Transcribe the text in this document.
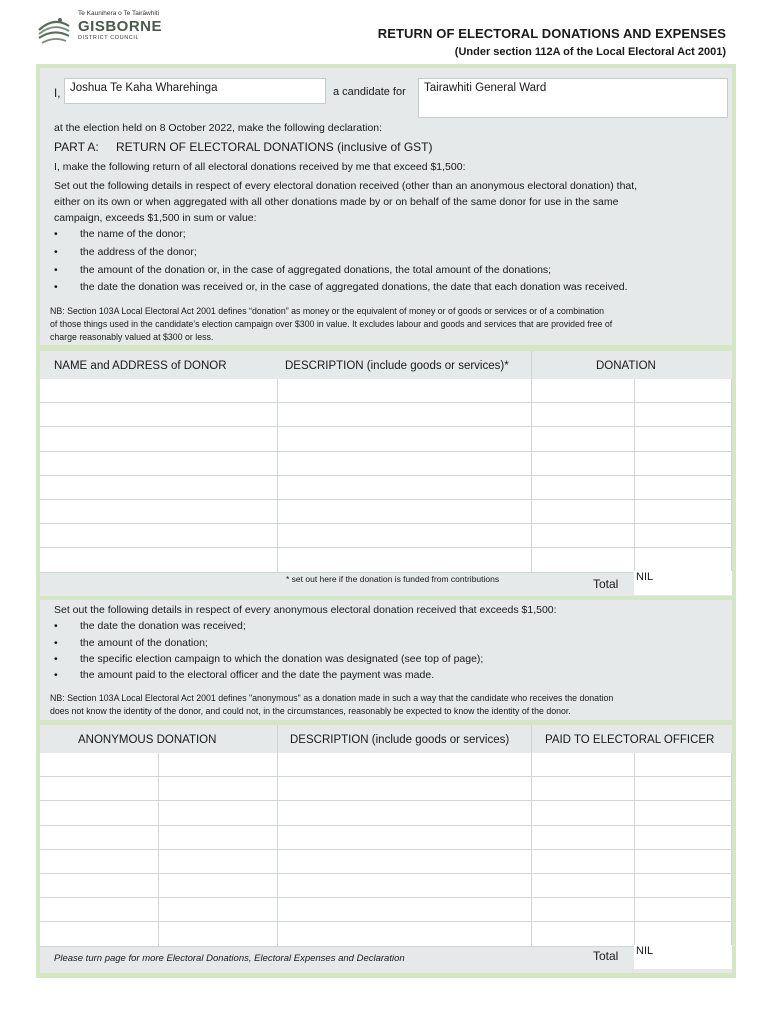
Te Kaunihera o Te Tairāwhiti
GISBORNE
DISTRICT COUNCIL	RETURN OF ELECTORAL DONATIONS AND EXPENSES
(Under section 112A of the Local Electoral Act 2001)
I, Joshua Te Kaha Wharehinga	a candidate for	Tairawhiti General Ward
at the election held on 8 October 2022, make the following declaration:
PART A: RETURN OF ELECTORAL DONATIONS (inclusive of GST)
I, make the following return of all electoral donations received by me that exceed $1,500:
Set out the following details in respect of every electoral donation received (other than an anonymous electoral donation) that,
either on its own or when aggregated with all other donations made by or on behalf of the same donor for use in the same
campaign, exceeds $1,500 in sum or value:
• the name of the donor;
• the address of the donor;
• the amount of the donation or, in the case of aggregated donations, the total amount of the donations;
• the date the donation was received or, in the case of aggregated donations, the date that each donation was received.
NB: Section 103A Local Electoral Act 2001 defines “donation” as money or the equivalent of money or of goods or services or of a combination
of those things used in the candidate’s election campaign over $300 in value. It excludes labour and goods and services that are provided free of
charge reasonably valued at $300 or less.
NAME and ADDRESS of DONOR	DESCRIPTION (include goods or services)*	DONATION
* set out here if the donation is funded from contributions	Total NIL
Set out the following details in respect of every anonymous electoral donation received that exceeds $1,500:
• the date the donation was received;
• the amount of the donation;
• the specific election campaign to which the donation was designated (see top of page);
• the amount paid to the electoral officer and the date the payment was made.
NB: Section 103A Local Electoral Act 2001 defines "anonymous" as a donation made in such a way that the candidate who receives the donation
does not know the identity of the donor, and could not, in the circumstances, reasonably be expected to know the identity of the donor.
ANONYMOUS DONATION	DESCRIPTION (include goods or services)	PAID TO ELECTORAL OFFICER
Please turn page for more Electoral Donations, Electoral Expenses and Declaration	Total NIL
